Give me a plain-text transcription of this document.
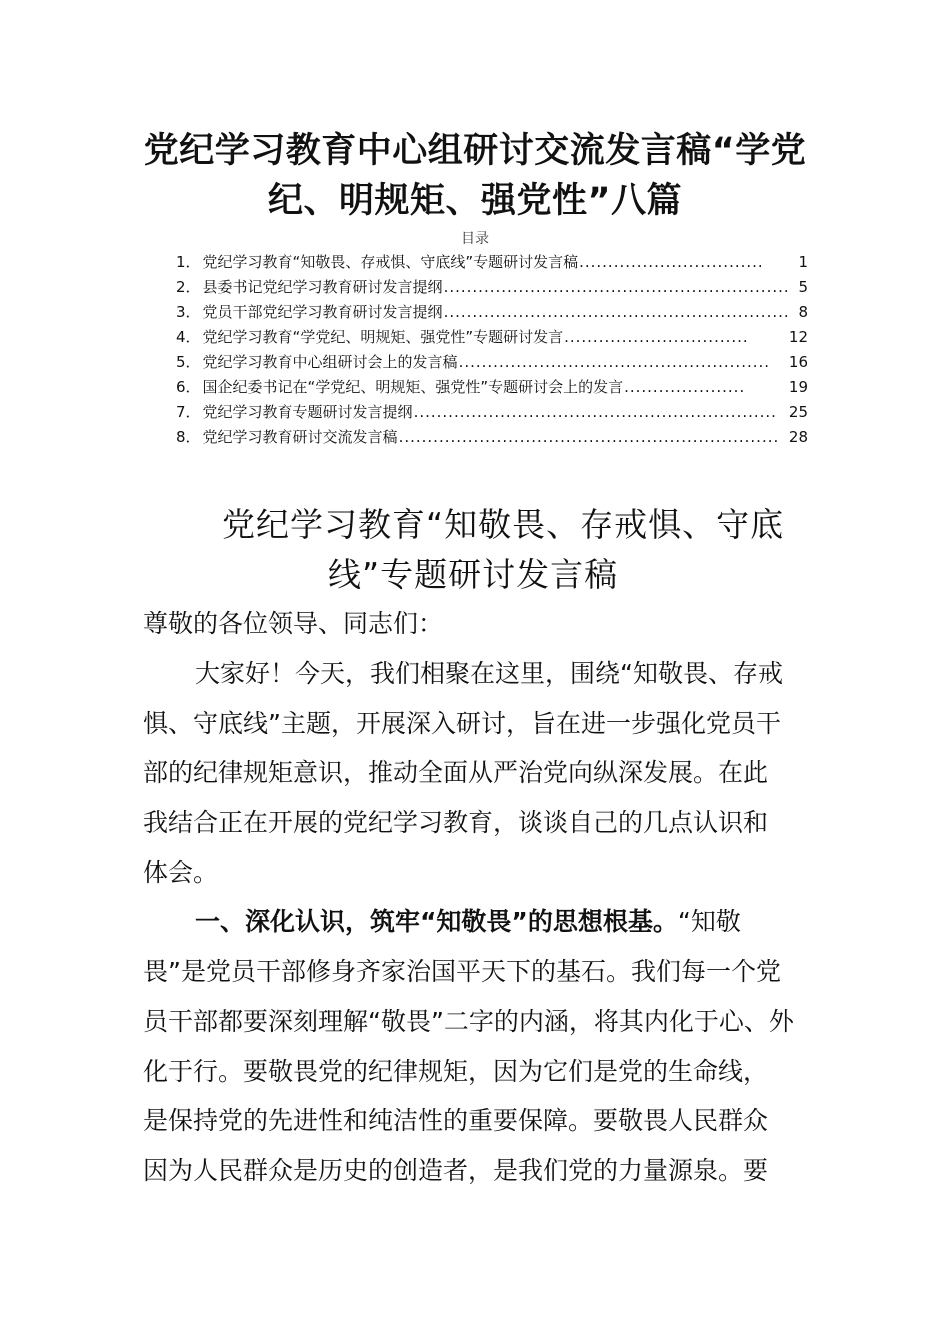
党纪学习教育中心组研讨交流发言稿“学党
纪、明规矩、强党性”八篇
目录
1． 党纪学习教育“知敬畏、存戒惧、守底线”专题研讨发言稿 ................................	1
2． 县委书记党纪学习教育研讨发言提纲 ............................................................ 5
3． 党员干部党纪学习教育研讨发言提纲 ............................................................ 8
4． 党纪学习教育“学党纪、明规矩、强党性”专题研讨发言 ................................	12
5． 党纪学习教育中心组研讨会上的发言稿 ......................................................	16
6． 国企纪委书记在“学党纪、明规矩、强党性”专题研讨会上的发言 .....................	19
7． 党纪学习教育专题研讨发言提纲 ............................................................... 25
8． 党纪学习教育研讨交流发言稿 .................................................................. 28
党纪学习教育“知敬畏、存戒惧、守底
线”专题研讨发言稿
尊敬的各位领导、同志们：
大家好！今天，我们相聚在这里，围绕“知敬畏、存戒
惧、守底线”主题，开展深入研讨，旨在进一步强化党员干
部的纪律规矩意识，推动全面从严治党向纵深发展。在此
我结合正在开展的党纪学习教育，谈谈自己的几点认识和
体会。
一、深化认识，筑牢“知敬畏”的思想根基。“知敬
畏”是党员干部修身齐家治国平天下的基石。我们每一个党
员干部都要深刻理解“敬畏”二字的内涵，将其内化于心、外
化于行。要敬畏党的纪律规矩，因为它们是党的生命线，
是保持党的先进性和纯洁性的重要保障。要敬畏人民群众
因为人民群众是历史的创造者，是我们党的力量源泉。要
